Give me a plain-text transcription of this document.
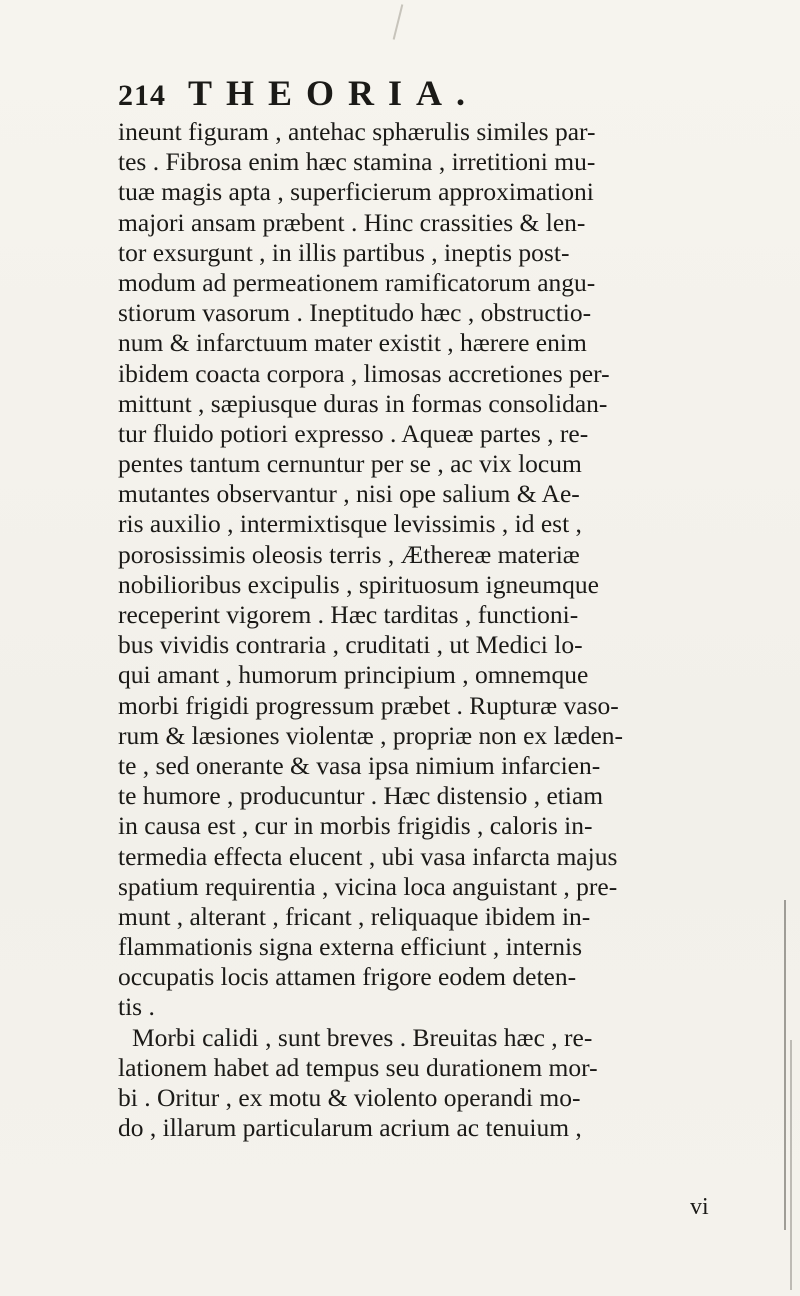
214 THEORIA.
ineunt figuram , antehac sphærulis similes par-
tes . Fibrosa enim hæc stamina , irretitioni mu-
tuæ magis apta , superficierum approximationi
majori ansam præbent . Hinc crassities & len-
tor exsurgunt , in illis partibus , ineptis post-
modum ad permeationem ramificatorum angu-
stiorum vasorum . Ineptitudo hæc , obstructio-
num & infarctuum mater existit , hærere enim
ibidem coacta corpora , limosas accretiones per-
mittunt , sæpiusque duras in formas consolidan-
tur fluido potiori expresso . Aqueæ partes , re-
pentes tantum cernuntur per se , ac vix locum
mutantes observantur , nisi ope salium & Ae-
ris auxilio , intermixtisque levissimis , id est ,
porosissimis oleosis terris , Æthereæ materiæ
nobilioribus excipulis , spirituosum igneumque
receperint vigorem . Hæc tarditas , functioni-
bus vividis contraria , cruditati , ut Medici lo-
qui amant , humorum principium , omnemque
morbi frigidi progressum præbet . Rupturæ vaso-
rum & læsiones violentæ , propriæ non ex læden-
te , sed onerante & vasa ipsa nimium infarcien-
te humore , producuntur . Hæc distensio , etiam
in causa est , cur in morbis frigidis , caloris in-
termedia effecta elucent , ubi vasa infarcta majus
spatium requirentia , vicina loca anguistant , pre-
munt , alterant , fricant , reliquaque ibidem in-
flammationis signa externa efficiunt , internis
occupatis locis attamen frigore eodem deten-
tis .
Morbi calidi , sunt breves . Breuitas hæc , re-
lationem habet ad tempus seu durationem mor-
bi . Oritur , ex motu & violento operandi mo-
do , illarum particularum acrium ac tenuium ,
vi
